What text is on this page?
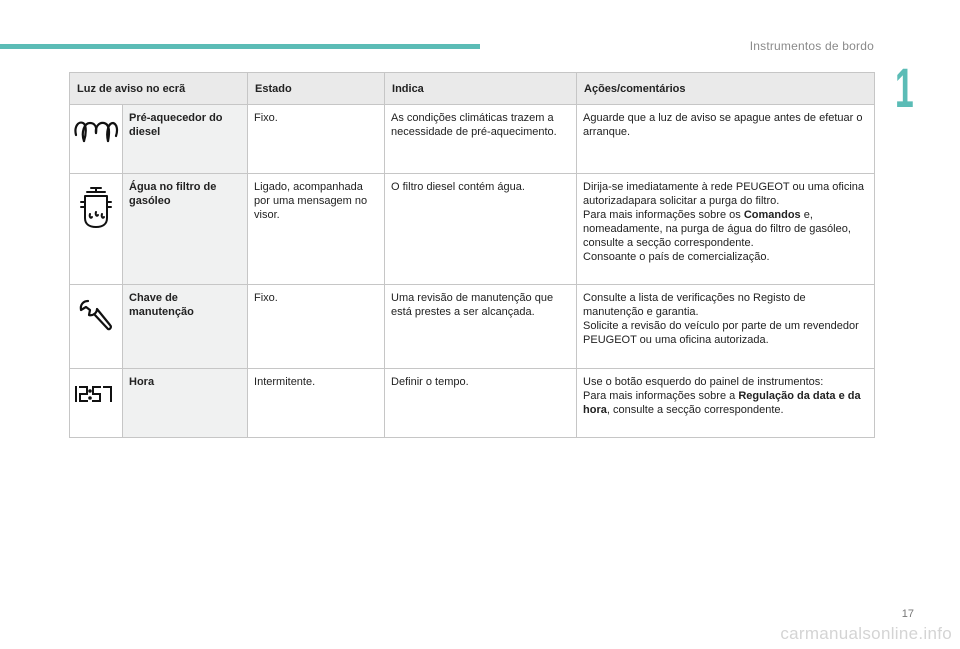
Instrumentos de bordo
1
Luz de aviso no ecrã		Estado	Indica	Ações/comentários

	Pré-aquecedor do diesel	Fixo.	As condições climáticas trazem a necessidade de pré-aquecimento.	Aguarde que a luz de aviso se apague antes de efetuar o arranque.

	Água no filtro de gasóleo	Ligado, acompanhada por uma mensagem no visor.	O filtro diesel contém água.	Dirija-se imediatamente à rede PEUGEOT ou uma oficina autorizadapara solicitar a purga do filtro.
Para mais informações sobre os Comandos e, nomeadamente, na purga de água do filtro de gasóleo, consulte a secção correspondente.
Consoante o país de comercialização.

	Chave de manutenção	Fixo.	Uma revisão de manutenção que está prestes a ser alcançada.	Consulte a lista de verificações no Registo de manutenção e garantia.
Solicite a revisão do veículo por parte de um revendedor PEUGEOT ou uma oficina autorizada.

	Hora	Intermitente.	Definir o tempo.	Use o botão esquerdo do painel de instrumentos:
Para mais informações sobre a Regulação da data e da hora, consulte a secção correspondente.
17
carmanualsonline.info
